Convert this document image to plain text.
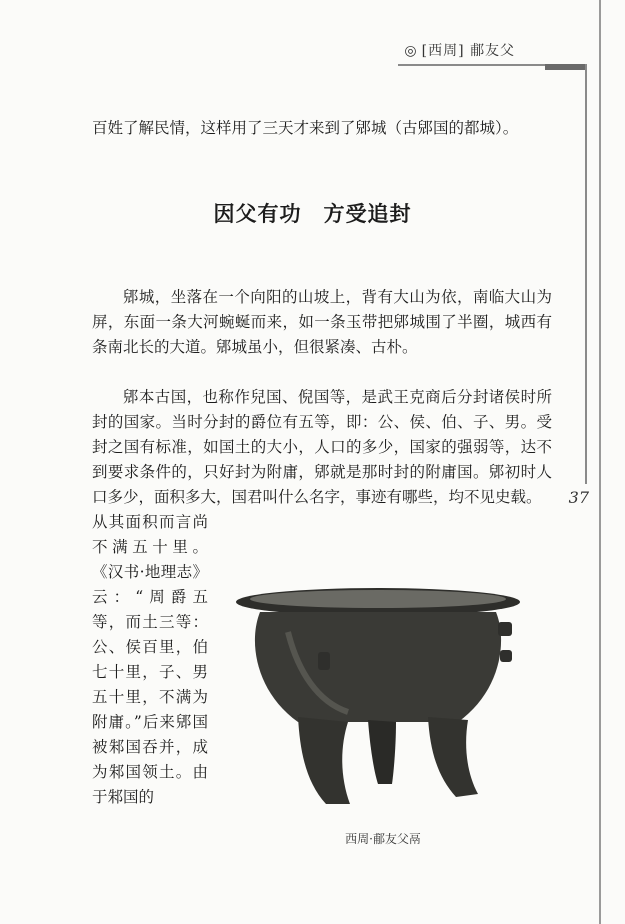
◎ [西周] 郙友父

百姓了解民情，这样用了三天才来到了郳城（古郳国的都城）。

因父有功　方受追封

郳城，坐落在一个向阳的山坡上，背有大山为依，南临大山为屏，东面一条大河蜿蜒而来，如一条玉带把郳城围了半圈，城西有条南北长的大道。郳城虽小，但很紧凑、古朴。

郳本古国，也称作兒国、倪国等，是武王克商后分封诸侯时所封的国家。当时分封的爵位有五等，即：公、侯、伯、子、男。受封之国有标准，如国土的大小，人口的多少，国家的强弱等，达不到要求条件的，只好封为附庸，郳就是那时封的附庸国。郳初时人口多少，面积多大，国君叫什么名字，事迹有哪些，均不见史载。	37

从其面积而言尚不满五十里。《汉书·地理志》云：“周爵五等，而土三等：公、侯百里，伯七十里，子、男五十里，不满为附庸。”后来郳国被邾国吞并，成为邾国领土。由于邾国的

西周·郙友父鬲
